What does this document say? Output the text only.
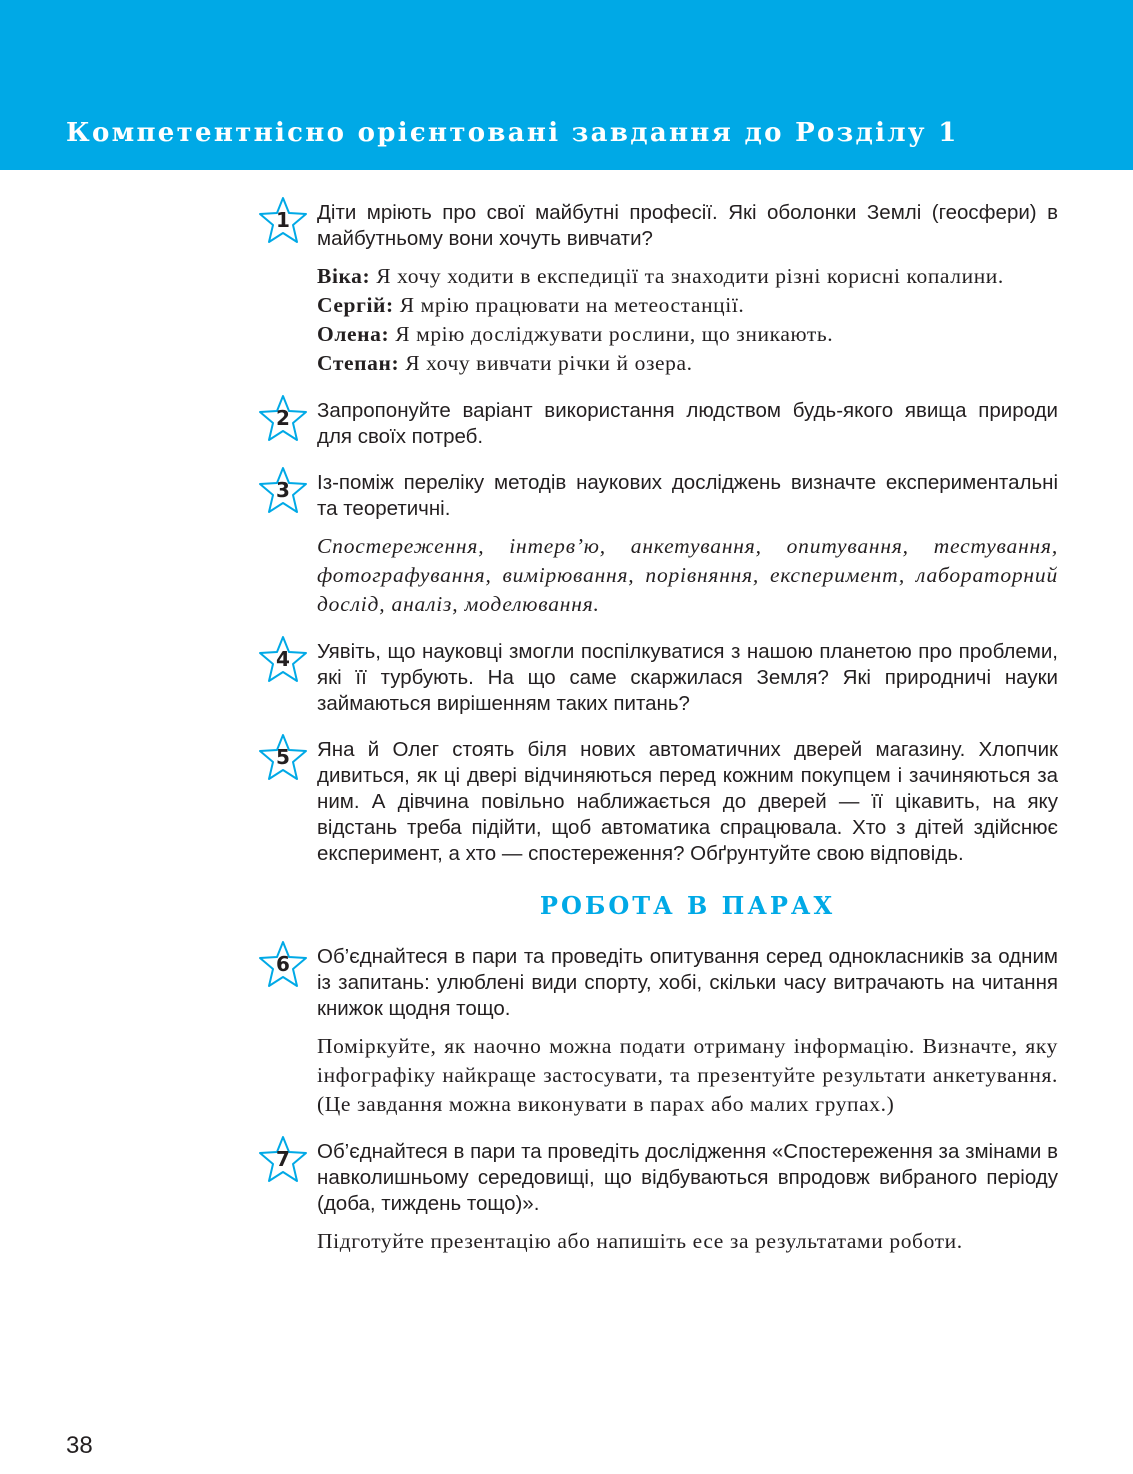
Компетентнісно орієнтовані завдання до Розділу 1
1	Діти мріють про свої майбутні професії. Які оболонки Землі (геосфери) в майбутньому вони хочуть вивчати?
Віка: Я хочу ходити в експедиції та знаходити різні корисні копалини.
Сергій: Я мрію працювати на метеостанції.
Олена: Я мрію досліджувати рослини, що зникають.
Степан: Я хочу вивчати річки й озера.
2	Запропонуйте варіант використання людством будь-якого явища природи для своїх потреб.
3	Із-поміж переліку методів наукових досліджень визначте експериментальні та теоретичні.
Спостереження, інтерв’ю, анкетування, опитування, тестування, фотографування, вимірювання, порівняння, експеримент, лабораторний дослід, аналіз, моделювання.
4	Уявіть, що науковці змогли поспілкуватися з нашою планетою про проблеми, які її турбують. На що саме скаржилася Земля? Які природничі науки займаються вирішенням таких питань?
5	Яна й Олег стоять біля нових автоматичних дверей магазину. Хлопчик дивиться, як ці двері відчиняються перед кожним покупцем і зачиняються за ним. А дівчина повільно наближається до дверей — її цікавить, на яку відстань треба підійти, щоб автоматика спрацювала. Хто з дітей здійснює експеримент, а хто — спостереження? Обґрунтуйте свою відповідь.
РОБОТА В ПАРАХ
6	Об’єднайтеся в пари та проведіть опитування серед однокласників за одним із запитань: улюблені види спорту, хобі, скільки часу витрачають на читання книжок щодня тощо.
Поміркуйте, як наочно можна подати отриману інформацію. Визначте, яку інфографіку найкраще застосувати, та презентуйте результати анкетування. (Це завдання можна виконувати в парах або малих групах.)
7	Об’єднайтеся в пари та проведіть дослідження «Спостереження за змінами в навколишньому середовищі, що відбуваються впродовж вибраного періоду (доба, тиждень тощо)».
Підготуйте презентацію або напишіть есе за результатами роботи.
38
